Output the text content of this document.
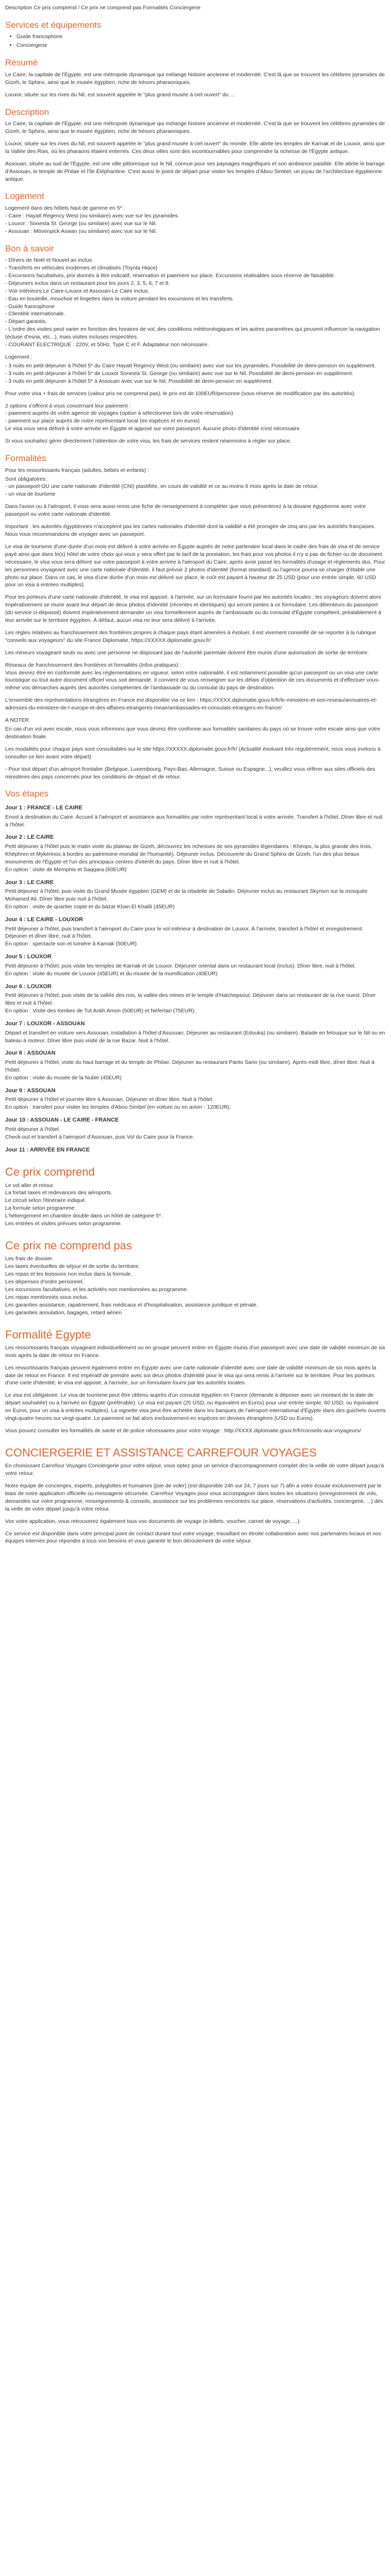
Description Ce prix comprend / Ce prix ne comprend pas Formalités Conciergerie

Services et équipements
• Guide francophone
• Conciergerie
Résumé

Le Caire, la capitale de l'Égypte, est une métropole dynamique qui mélange histoire ancienne et modernité. C'est là que se trouvent les célèbres pyramides de Gizeh, le Sphinx, ainsi que le musée égyptien, riche de trésors pharaoniques.

Louxor, située sur les rives du Nil, est souvent appelée le "plus grand musée à ciel ouvert" du ...

Description

Le Caire, la capitale de l'Égypte, est une métropole dynamique qui mélange histoire ancienne et modernité. C'est là que se trouvent les célèbres pyramides de Gizeh, le Sphinx, ainsi que le musée égyptien, riche de trésors pharaoniques.

Louxor, située sur les rives du Nil, est souvent appelée le "plus grand musée à ciel ouvert" du monde. Elle abrite les temples de Karnak et de Louxor, ainsi que la Vallée des Rois, où les pharaons étaient enterrés. Ces deux villes sont des incontournables pour comprendre la richesse de l'Égypte antique.

Assouan, située au sud de l'Égypte, est une ville pittoresque sur le Nil, connue pour ses paysages magnifiques et son ambiance paisible. Elle abrite le barrage d'Assouan, le temple de Philae et l'île Éléphantine. C'est aussi le point de départ pour visiter les temples d'Abou Simbel, un joyau de l'architecture égyptienne antique.

Logement
Logement dans des hôtels haut de gamme en 5* :
- Caire : Hayatt Regency West (ou similaire) avec vue sur les pyramides.
- Louxor : Sonesta St. George (ou similaire) avec vue sur le Nil.
- Assouan : Mövenpick Aswan (ou similaire) avec vue sur le Nil.
Bon à savoir
- Dîners de Noël et Nouvel an inclus.
- Transferts en véhicules modernes et climatisés (Toyota Hiace)
- Excursions facultatives, prix donnés à titre indicatif, réservation et paiement sur place. Excursions réalisables sous réserve de faisabilité.
- Déjeuners inclus dans un restaurant pour les jours 2, 3, 5, 6, 7 et 8.
- Voir intérieurs Le Caire-Louxor et Assouan-Le Caire inclus.
- Eau en bouteille, mouchoir et lingettes dans la voiture pendant les excursions et les transferts.
- Guide francophone
- Clientèle internationale.
- Départ garantis.
- L'ordre des visites peut varier en fonction des horaires de vol, des conditions météorologiques et les autres paramètres qui peuvent influencer la navigation (écluse d'esna, etc...), mais visites incluses respectées.
- COURANT ÉLECTRIQUE : 220V, et 50Hz. Type C et F. Adaptateur non nécessaire.
Logement :
- 3 nuits en petit déjeuner à l'hôtel 5* du Caire Hayatt Regency West (ou similaire) avec vue sur les pyramides. Possibilité de demi-pension en supplément.
- 3 nuits en petit déjeuner à l'hôtel 5* de Louxor Sonesta St. George (ou similaire) avec vue sur le Nil. Possibilité de demi-pension en supplément.
- 3 nuits en petit déjeuner à l'hôtel 5* à Assouan avec vue sur le Nil. Possibilité de demi-pension en supplément.

Pour votre visa + frais de services (valeur prix ne comprend pas), le prix est de 100EUR/personne (sous réserve de modification par les autorités).

2 options s'offrent à vous concernant leur paiement :
- paiement auprès de votre agence de voyages (option à sélectionner lors de votre réservation)
- paiement sur place auprès de notre représentant local (en espèces et en euros)

Le visa vous sera délivré à votre arrivée en Égypte et apposé sur votre passeport. Aucune photo d'identité n'est nécessaire.

Si vous souhaitez gérer directement l'obtention de votre visa, les frais de services restent néanmoins à régler sur place.

Formalités
Pour les ressortissants français (adultes, bébés et enfants) :
Sont obligatoires :
- un passeport OU une carte nationale d'identité (CNI) plastifiée, en cours de validité et ce au moins 6 mois après la date de retour,
- un visa de tourisme

Dans l'avion ou à l'aéroport, il vous sera aussi remis une fiche de renseignement à compléter que vous présenterez à la douane égyptienne avec votre passeport ou votre carte nationale d'identité.

Important : les autorités égyptiennes n'acceptent pas les cartes nationales d'identité dont la validité a été prorogée de cinq ans par les autorités françaises. Nous vous recommandons de voyager avec un passeport.

Le visa de tourisme d'une durée d'un mois est délivré à votre arrivée en Égypte auprès de notre partenaire local dans le cadre des frais de visa et de service payé ainsi que dans le(s) hôtel de votre choix qui vous y sera offert par le tarif de la prestation, les frais pour vos photos il n'y a pas de fichier ou de document nécessaire, le visa vous sera délivré sur votre passeport à votre arrivée à l'aéroport du Caire, après avoir passé les formalités d'usage et règlements dus. Pour les personnes voyageant avec une carte nationale d'identité, il faut prévoir 2 photos d'identité (format standard) ou l'agence pourra se charger d'établir une photo sur place. Dans ce cas, le visa d'une durée d'un mois est délivré sur place, le coût est payant à hauteur de 25 USD (pour une entrée simple, 60 USD pour un visa à entrées multiples).

Pour les porteurs d'une carte nationale d'identité, le visa est apposé, à l'arrivée, sur un formulaire fourni par les autorités locales ; les voyageurs doivent alors impérativement se munir avant leur départ de deux photos d'identité (récentes et identiques) qui seront jointes à ce formulaire. Les détenteurs du passeport (du service ci-dépassé) doivent impérativement demander un visa formellement auprès de l'ambassade ou du consulat d'Égypte compétent, préalablement à leur arrivée sur le territoire égyptien. À défaut, aucun visa ne leur sera délivré à l'arrivée.

Les règles relatives au franchissement des frontières propres à chaque pays étant amenées à évoluer, il est vivement conseillé de se reporter à la rubrique "conseils aux voyageurs" du site France Diplomatie, https://XXXXX.diplomatie.gouv.fr/

Les mineurs voyageant seuls ou avec une personne ne disposant pas de l'autorité parentale doivent être munis d'une autorisation de sortie de territoire.

Réseaux de franchissement des frontières et formalités (Infos pratiques) :

Vous devrez être en conformité avec les réglementations en vigueur, selon votre nationalité, il est notamment possible qu'un passeport ou un visa une carte touristique ou tout autre document officiel vous soit demandé. Il convient de vous renseigner sur les délais d'obtention de ces documents et d'effectuer vous-même vos démarches auprès des autorités compétentes de l'ambassade ou du consulat du pays de destination.

L'ensemble des représentations étrangères en France est disponible via ce lien : https://XXXX.diplomatie.gouv.fr/fr/le-ministere-et-son-reseau/annuaires-et-adresses-du-ministere-de-l-europe-et-des-affaires-etrangeres-meae/ambassades-et-consulats-etrangers-en-france/

A NOTER

En cas d'un vol avec escale, nous vous informons que vous devrez être conforme aux formalités sanitaires du pays où se trouve votre escale ainsi que votre destination finale.

Les modalités pour chaque pays sont consultables sur le site https://XXXXX.diplomatie.gouv.fr/fr/ (Actualité évoluant très régulièrement, nous vous invitons à consulter ce lien avant votre départ)

- Pour tout départ d'un aéroport frontalier (Belgique, Luxembourg, Pays-Bas, Allemagne, Suisse ou Espagne...), veuillez vous référer aux sites officiels des ministères des pays concernés pour les conditions de départ et de retour.

Vos étapes
Jour 1 : FRANCE - LE CAIRE

Envol à destination du Caire. Accueil à l'aéroport et assistance aux formalités par notre représentant local à votre arrivée. Transfert à l'hôtel. Dîner libre et nuit à l'hôtel.

Jour 2 : LE CAIRE

Petit déjeuner à l'hôtel puis le matin visite du plateau de Gizeh, découvrez les richesses de ses pyramides légendaires : Khéops, la plus grande des trois, Khéphren et Mykérinos à bordes au patrimoine mondial de l'humanité). Déjeuner inclus. Découverte du Grand Sphinx de Gizeh, l'un des plus beaux monuments de l'Égypte et l'un des principaux centres d'intérêt du pays. Dîner libre et nuit à l'hôtel.
En option : visite de Memphis et Saqqara (60EUR)

Jour 3 : LE CAIRE

Petit déjeuner à l'hôtel, puis visite du Grand Musée égyptien (GEM) et de la citadelle de Saladin. Déjeuner inclus au restaurant Skyrism sur la mosquée Mohamed Ali. Dîner libre puis nuit à l'hôtel.
En option : visite de quartier copte et du bazar Khan El Khalili (45EUR)

Jour 4 : LE CAIRE - LOUXOR

Petit déjeuner à l'hôtel, puis transfert à l'aéroport du Caire pour le vol intérieur à destination de Louxor. À l'arrivée, transfert à l'hôtel et enregistrement. Déjeuner et dîner libre, nuit à l'hôtel.
En option : spectacle son et lumière à Karnak (50EUR)

Jour 5 : LOUXOR

Petit déjeuner à l'hôtel, puis visite les temples de Karnak et de Louxor. Déjeuner oriental dans un restaurant local (inclus). Dîner libre, nuit à l'hôtel.
En option : visite du musée de Louxor (45EUR) et du musée de la momification (40EUR)

Jour 6 : LOUXOR

Petit déjeuner à l'hôtel, puis visite de la vallée des rois, la vallée des reines et le temple d'Hatchepsout. Déjeuner dans un restaurant de la rive ouest. Dîner libre et nuit à l'hôtel.
En option : Visite des tombes de Tut Ankh Amon (50EUR) et Néfertari (75EUR).

Jour 7 : LOUXOR - ASSOUAN

Départ et transfert en voiture vers Assouan, installation à l'hôtel d'Assouan. Déjeuner au restaurant (Edouka) (ou similaire). Balade en felouque sur le Nil ou en bateau à moteur. Dîner libre puis visite de la rue Bazar. Nuit à l'hôtel.

Jour 8 : ASSOUAN

Petit déjeuner à l'hôtel, visite du haut barrage et du temple de Philae. Déjeuner au restaurant Panto Sano (ou similaire). Après-midi libre, dîner libre. Nuit à l'hôtel.
En option : visite du musée de la Nubie (45EUR)

Jour 9 : ASSOUAN

Petit déjeuner à l'hôtel et journée libre à Assouan. Déjeuner et dîner libre. Nuit à l'hôtel.
En option : transfert pour visiter les temples d'Abou Simbel (en voiture ou en avion - 120EUR).

Jour 10 : ASSOUAN - LE CAIRE - FRANCE

Petit déjeuner à l'hôtel.
Check-out et transfert à l'aéroport d'Assouan, puis Vol du Caire pour la France.

Jour 11 : ARRIVÉE EN FRANCE
Ce prix comprend
Le vol aller et retour.
La fortait taxes et redevances des aéroports.
Le circuit selon l'itinéraire indiqué.
La formule selon programme.
L'hébergement en chambre double dans un hôtel de catégorie 5*.
Les entrées et visites prévues selon programme.
Ce prix ne comprend pas
Les frais de dossier.
Les taxes éventuelles de séjour et de sortie du territoire.
Les repas et les boissons non inclus dans la formule.
Les dépenses d'ordre personnel.
Les excursions facultatives, et les activités non mentionnées au programme.
Les repas mentionnés sous inclus.
Les garanties assistance, rapatriement, frais médicaux et d'hospitalisation, assistance juridique et pénale.
Les garanties annulation, bagages, retard aérien
Formalité Egypte

Les ressortissants français voyageant individuellement ou en groupe peuvent entrer en Égypte munis d'un passeport avec une date de validité minimum de six mois après la date de retour en France.

Les ressortissants français peuvent également entrer en Égypte avec une carte nationale d'identité avec une date de validité minimum de six mois après la date de retour en France. Il est impératif de prendre avec soi deux photos d'identité pour le visa qui sera remis à l'arrivée sur le territoire. Pour les porteurs d'une carte d'identité, le visa est apposé, à l'arrivée, sur un formulaire fourni par les autorités locales.

Le visa est obligatoire. Le visa de tourisme peut être obtenu auprès d'un consulat égyptien en France (demande à déposer avec un montant de la date de départ souhaitée) ou à l'arrivée en Égypte (préférable). Le visa est payant (25 USD, ou équivalent en Euros) pour une entrée simple, 60 USD, ou équivalent en Euros, pour un visa à entrées multiples). La vignette visa peut être achetée dans les banques de l'aéroport international d'Égypte dans des guichets ouverts vingt-quatre heures sur vingt-quatre. Le paiement se fait alors exclusivement en espèces en devises étrangères (USD ou Euros).

Vous pouvez consulter les formalités de santé et de police nécessaires pour votre voyage : http://XXXX.diplomatie.gouv.fr/fr/conseils-aux-voyageurs/

CONCIERGERIE ET ASSISTANCE CARREFOUR VOYAGES

En choisissant Carrefour Voyages Conciergerie pour votre séjour, vous optez pour un service d'accompagnement complet dès la veille de votre départ jusqu'à votre retour.

Notre équipe de concierges, experts, polyglottes et humaines (joie de voler) (est disponible 24h sur 24, 7 jours sur 7) afin a votre écoute exclusivement par le biais de notre application officielle ou messagerie sécurisée. Carrefour Voyages pour vous accompagner dans toutes les situations (enregistrement de vols, demandes sur votre programme, renseignements & conseils, assistance sur les problèmes rencontrés sur place, réservations d'activités, conciergerie, ...) dès la veille de votre départ jusqu'à votre retour.

Vos votre application, vous retrouverez également tous vos documents de voyage (e-billets, voucher, carnet de voyage, ...).

Ce service est disponible dans votre principal point de contact durant tout votre voyage, travaillant en étroite collaboration avec nos partenaires locaux et nos équipes internes pour répondre à tous vos besoins et vous garantir le bon déroulement de votre séjour.
